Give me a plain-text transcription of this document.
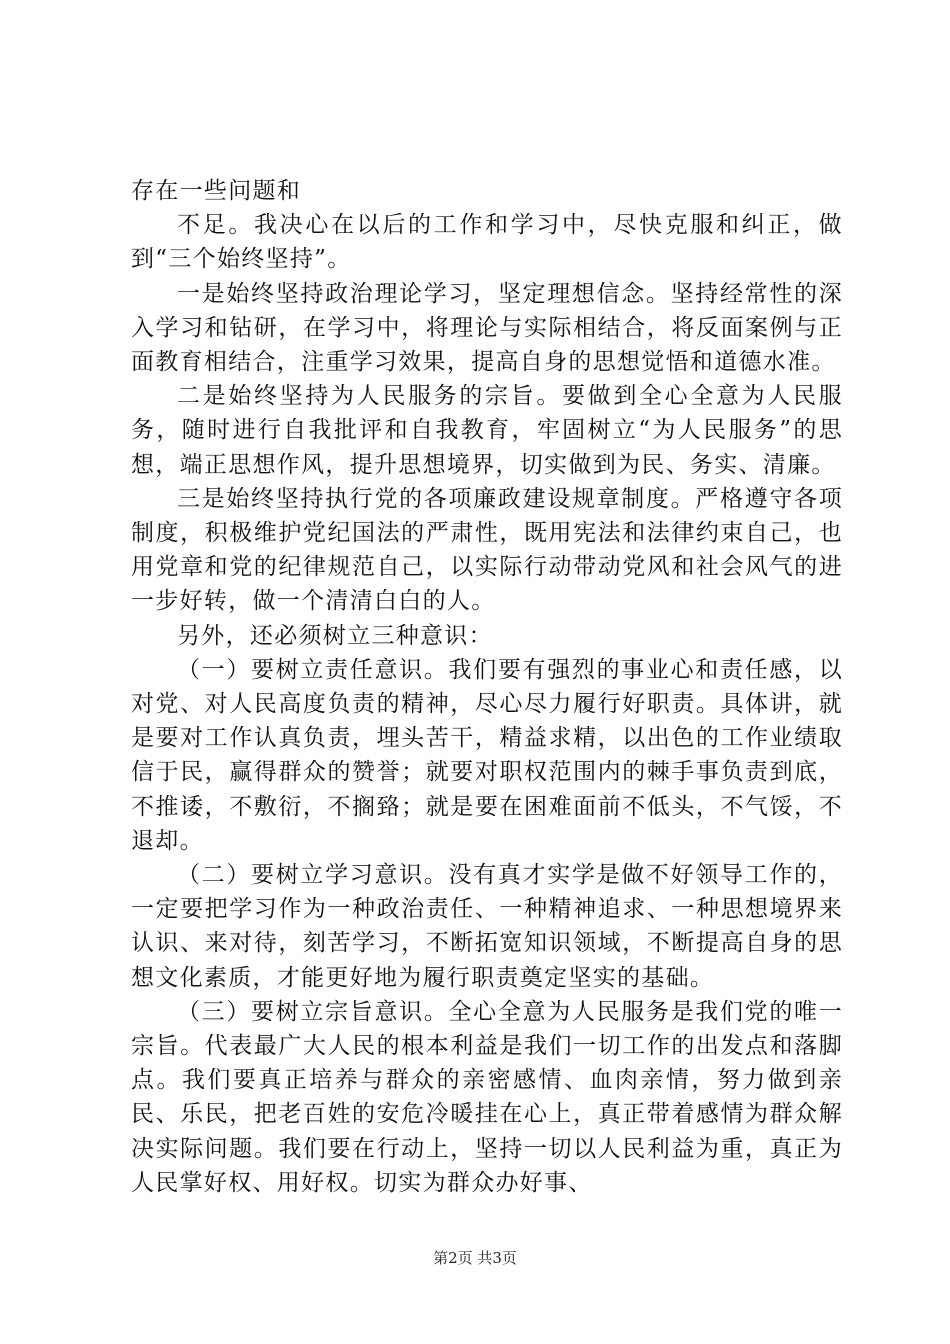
存在一些问题和

不足。我决心在以后的工作和学习中，尽快克服和纠正，做到“三个始终坚持”。

一是始终坚持政治理论学习，坚定理想信念。坚持经常性的深入学习和钻研，在学习中，将理论与实际相结合，将反面案例与正面教育相结合，注重学习效果，提高自身的思想觉悟和道德水准。

二是始终坚持为人民服务的宗旨。要做到全心全意为人民服务，随时进行自我批评和自我教育，牢固树立“为人民服务”的思想，端正思想作风，提升思想境界，切实做到为民、务实、清廉。

三是始终坚持执行党的各项廉政建设规章制度。严格遵守各项制度，积极维护党纪国法的严肃性，既用宪法和法律约束自己，也用党章和党的纪律规范自己，以实际行动带动党风和社会风气的进一步好转，做一个清清白白的人。

另外，还必须树立三种意识：

（一）要树立责任意识。我们要有强烈的事业心和责任感，以对党、对人民高度负责的精神，尽心尽力履行好职责。具体讲，就是要对工作认真负责，埋头苦干，精益求精，以出色的工作业绩取信于民，赢得群众的赞誉；就要对职权范围内的棘手事负责到底，不推诿，不敷衍，不搁臵；就是要在困难面前不低头，不气馁，不退却。

（二）要树立学习意识。没有真才实学是做不好领导工作的，一定要把学习作为一种政治责任、一种精神追求、一种思想境界来认识、来对待，刻苦学习，不断拓宽知识领域，不断提高自身的思想文化素质，才能更好地为履行职责奠定坚实的基础。

（三）要树立宗旨意识。全心全意为人民服务是我们党的唯一宗旨。代表最广大人民的根本利益是我们一切工作的出发点和落脚点。我们要真正培养与群众的亲密感情、血肉亲情，努力做到亲民、乐民，把老百姓的安危冷暖挂在心上，真正带着感情为群众解决实际问题。我们要在行动上，坚持一切以人民利益为重，真正为人民掌好权、用好权。切实为群众办好事、

第2页 共3页
